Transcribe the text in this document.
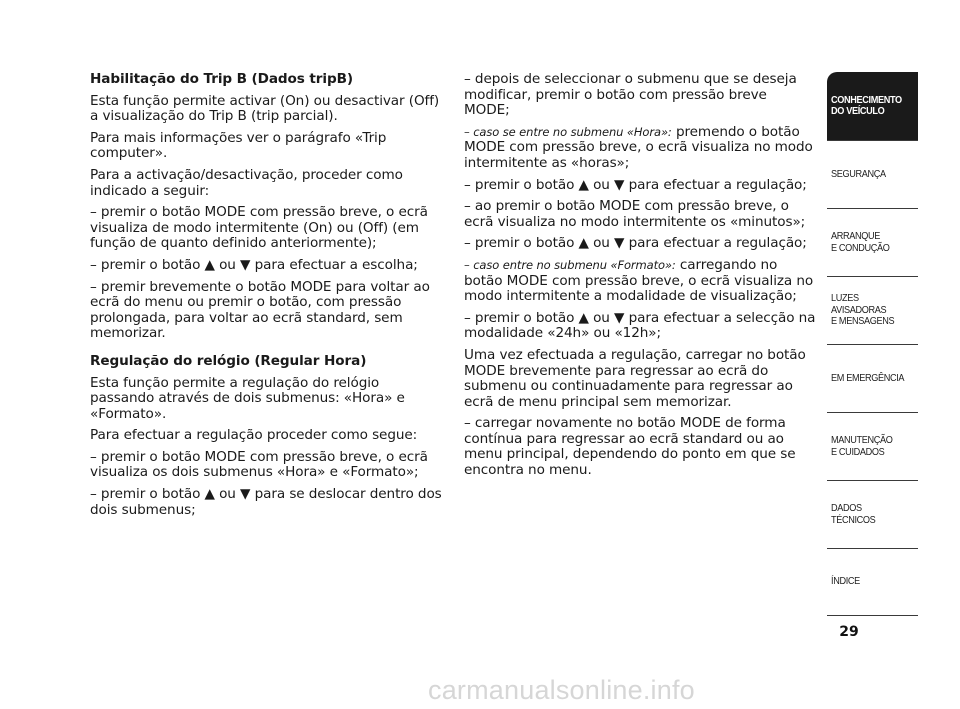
Habilitação do Trip B (Dados tripB)

Esta função permite activar (On) ou desactivar (Off) a visualização do Trip B (trip parcial).

Para mais informações ver o parágrafo «Trip computer».

Para a activação/desactivação, proceder como indicado a seguir:

– premir o botão MODE com pressão breve, o ecrã visualiza de modo intermitente (On) ou (Off) (em função de quanto definido anteriormente);

– premir o botão ▲ ou ▼ para efectuar a escolha;

– premir brevemente o botão MODE para voltar ao ecrã do menu ou premir o botão, com pressão prolongada, para voltar ao ecrã standard, sem memorizar.

Regulação do relógio (Regular Hora)

Esta função permite a regulação do relógio passando através de dois submenus: «Hora» e «Formato».

Para efectuar a regulação proceder como segue:

– premir o botão MODE com pressão breve, o ecrã visualiza os dois submenus «Hora» e «Formato»;

– premir o botão ▲ ou ▼ para se deslocar dentro dos dois submenus;

– depois de seleccionar o submenu que se deseja modificar, premir o botão com pressão breve MODE;

– caso se entre no submenu «Hora»: premendo o botão MODE com pressão breve, o ecrã visualiza no modo intermitente as «horas»;

– premir o botão ▲ ou ▼ para efectuar a regulação;

– ao premir o botão MODE com pressão breve, o ecrã visualiza no modo intermitente os «minutos»;

– premir o botão ▲ ou ▼ para efectuar a regulação;

– caso entre no submenu «Formato»: carregando no botão MODE com pressão breve, o ecrã visualiza no modo intermitente a modalidade de visualização;

– premir o botão ▲ ou ▼ para efectuar a selecção na modalidade «24h» ou «12h»;

Uma vez efectuada a regulação, carregar no botão MODE brevemente para regressar ao ecrã do submenu ou continuadamente para regressar ao ecrã de menu principal sem memorizar.

– carregar novamente no botão MODE de forma contínua para regressar ao ecrã standard ou ao menu principal, dependendo do ponto em que se encontra no menu.

CONHECIMENTO
DO VEÍCULO
SEGURANÇA
ARRANQUE
E CONDUÇÃO
LUZES
AVISADORAS
E MENSAGENS
EM EMERGÊNCIA
MANUTENÇÃO
E CUIDADOS
DADOS
TÉCNICOS
ÍNDICE
29
carmanualsonline.info
